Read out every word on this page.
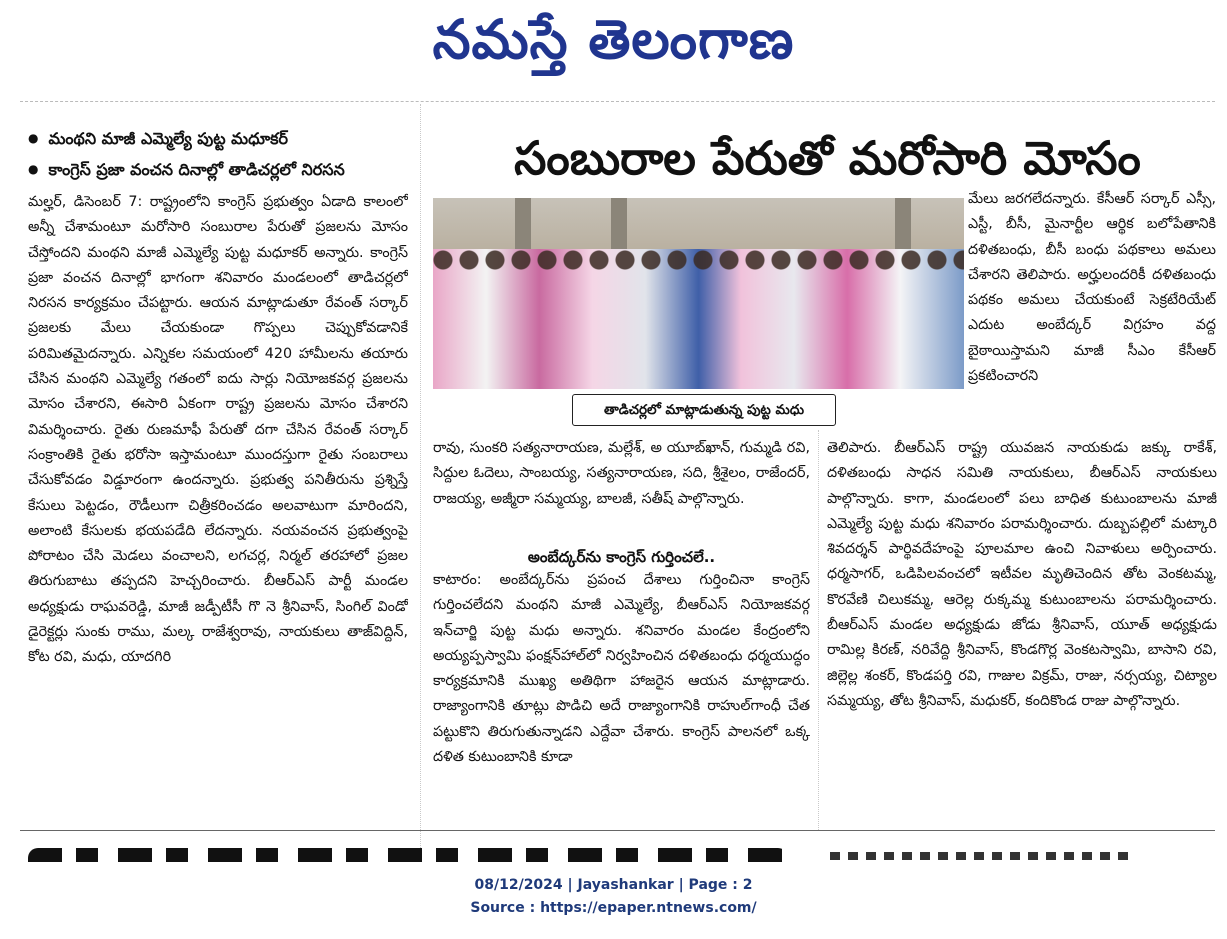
నమస్తే తెలంగాణ
● మంథని మాజీ ఎమ్మెల్యే పుట్ట మధూకర్
● కాంగ్రెస్ ప్రజా వంచన దినాల్లో తాడిచర్లలో నిరసన	సంబురాల పేరుతో మరోసారి మోసం

మల్హర్, డిసెంబర్ 7: రాష్ట్రంలోని కాంగ్రెస్ ప్రభుత్వం ఏడాది కాలంలో అన్నీ చేశామంటూ మరోసారి సంబురాల పేరుతో ప్రజలను మోసం చేస్తోందని మంథని మాజీ ఎమ్మెల్యే పుట్ట మధూకర్ అన్నారు. కాంగ్రెస్ ప్రజా వంచన దినాల్లో భాగంగా శనివారం మండలంలో తాడిచర్లలో నిరసన కార్యక్రమం చేపట్టారు. ఆయన మాట్లాడుతూ రేవంత్ సర్కార్ ప్రజలకు మేలు చేయకుండా గొప్పలు చెప్పుకోవడానికే పరిమితమైదన్నారు. ఎన్నికల సమయంలో 420 హామీలను తయారు చేసిన మంథని ఎమ్మెల్యే గతంలో ఐదు సార్లు నియోజకవర్గ ప్రజలను మోసం చేశారని, ఈసారి ఏకంగా రాష్ట్ర ప్రజలను మోసం చేశారని విమర్శించారు. రైతు రుణమాఫీ పేరుతో దగా చేసిన రేవంత్ సర్కార్ సంక్రాంతికి రైతు భరోసా ఇస్తామంటూ ముందస్తుగా రైతు సంబరాలు చేసుకోవడం విడ్డూరంగా ఉందన్నారు. ప్రభుత్వ పనితీరును ప్రశ్నిస్తే కేసులు పెట్టడం, రౌడీలుగా చిత్రీకరించడం అలవాటుగా మారిందని, అలాంటి కేసులకు భయపడేది లేదన్నారు. నయవంచన ప్రభుత్వంపై పోరాటం చేసి మెడలు వంచాలని, లగచర్ల, నిర్మల్ తరహాలో ప్రజల తిరుగుబాటు తప్పదని హెచ్చరించారు. బీఆర్ఎస్ పార్టీ మండల అధ్యక్షుడు రాఘవరెడ్డి, మాజీ జడ్పీటీసీ గొ నె శ్రీనివాస్, సింగిల్ విండో డైరెక్టర్లు సుంకు రాము, మల్క రాజేశ్వరావు, నాయకులు తాజ్‌విద్దిన్, కోట రవి, మధు, యాదగిరి

తాడిచర్లలో మాట్లాడుతున్న పుట్ట మధు

మేలు జరగలేదన్నారు. కేసీఆర్ సర్కార్ ఎస్సీ, ఎస్టీ, బీసీ, మైనార్టీల ఆర్థిక బలోపేతానికి దళితబంధు, బీసీ బంధు పథకాలు అమలు చేశారని తెలిపారు. అర్హులందరికీ దళితబంధు పథకం అమలు చేయకుంటే సెక్రటేరియేట్ ఎదుట అంబేద్కర్ విగ్రహం వద్ద బైఠాయిస్తామని మాజీ సీఎం కేసీఆర్ ప్రకటించారని

రావు, సుంకరి సత్యనారాయణ, మల్లేశ్, అ యూబ్‌ఖాన్, గుమ్మడి రవి, సిద్దుల ఓదెలు, సాంబయ్య, సత్యనారాయణ, సది, శ్రీశైలం, రాజేందర్, రాజయ్య, అజ్మీరా సమ్మయ్య, బాలజీ, సతీష్ పాల్గొన్నారు.

అంబేద్కర్‌ను కాంగ్రెస్ గుర్తించలే..

కాటారం: అంబేద్కర్‌ను ప్రపంచ దేశాలు గుర్తించినా కాంగ్రెస్ గుర్తించలేదని మంథని మాజీ ఎమ్మెల్యే, బీఆర్ఎస్ నియోజకవర్గ ఇన్‌చార్జి పుట్ట మధు అన్నారు. శనివారం మండల కేంద్రంలోని అయ్యప్పస్వామి ఫంక్షన్‌హాల్‌లో నిర్వహించిన దళితబంధు ధర్మయుద్ధం కార్యక్రమానికి ముఖ్య అతిథిగా హాజరైన ఆయన మాట్లాడారు. రాజ్యాంగానికి తూట్లు పొడిచి అదే రాజ్యాంగానికి రాహుల్‌గాంధీ చేత పట్టుకొని తిరుగుతున్నాడని ఎద్దేవా చేశారు. కాంగ్రెస్ పాలనలో ఒక్క దళిత కుటుంబానికి కూడా

తెలిపారు. బీఆర్ఎస్ రాష్ట్ర యువజన నాయకుడు జక్కు రాకేశ్, దళితబంధు సాధన సమితి నాయకులు, బీఆర్ఎస్ నాయకులు పాల్గొన్నారు. కాగా, మండలంలో పలు బాధిత కుటుంబాలను మాజీ ఎమ్మెల్యే పుట్ట మధు శనివారం పరామర్శించారు. దుబ్బపల్లిలో మట్కారి శివదర్శన్ పార్థివదేహంపై పూలమాల ఉంచి నివాళులు అర్పించారు. ధర్మసాగర్, ఒడిపిలవంచలో ఇటీవల మృతిచెందిన తోట వెంకటమ్మ, కొరవేణి చిలుకమ్మ, ఆరెల్ల రుక్కమ్మ కుటుంబాలను పరామర్శించారు. బీఆర్ఎస్ మండల అధ్యక్షుడు జోడు శ్రీనివాస్, యూత్ అధ్యక్షుడు రామిల్ల కిరణ్, నరివేద్ది శ్రీనివాస్, కొండగొర్ల వెంకటస్వామి, బాసాని రవి, జిల్లెల్ల శంకర్, కొండపర్తి రవి, గాజుల విక్రమ్, రాజు, నర్సయ్య, చిట్యాల సమ్మయ్య, తోట శ్రీనివాస్, మధుకర్, కందికొండ రాజు పాల్గొన్నారు.

08/12/2024 | Jayashankar | Page : 2
Source : https://epaper.ntnews.com/
